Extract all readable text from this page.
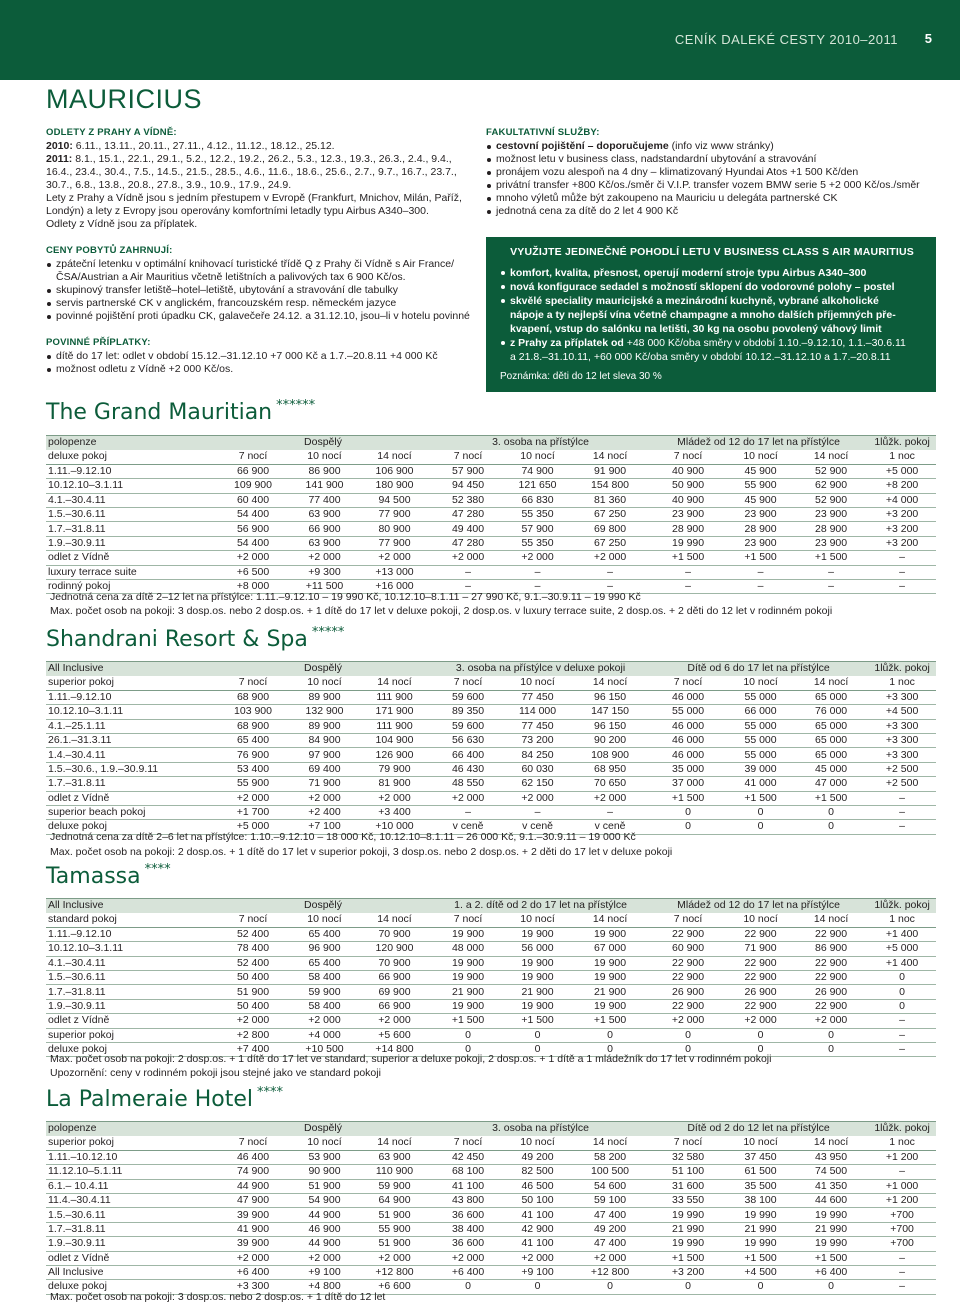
CENÍK DALEKÉ CESTY 2010–2011 5
MAURICIUS
ODLETY Z PRAHY A VÍDNĚ:
2010: 6.11., 13.11., 20.11., 27.11., 4.12., 11.12., 18.12., 25.12.
2011: 8.1., 15.1., 22.1., 29.1., 5.2., 12.2., 19.2., 26.2., 5.3., 12.3., 19.3., 26.3., 2.4., 9.4.,
16.4., 23.4., 30.4., 7.5., 14.5., 21.5., 28.5., 4.6., 11.6., 18.6., 25.6., 2.7., 9.7., 16.7., 23.7.,
30.7., 6.8., 13.8., 20.8., 27.8., 3.9., 10.9., 17.9., 24.9.
Lety z Prahy a Vídně jsou s jedním přestupem v Evropě (Frankfurt, Mnichov, Milán, Paříž,
Londýn) a lety z Evropy jsou operovány komfortními letadly typu Airbus A340–300.
Odlety z Vídně jsou za příplatek.
CENY POBYTŮ ZAHRNUJÍ:
zpáteční letenku v optimální knihovací turistické třídě Q z Prahy či Vídně s Air France/
ČSA/Austrian a Air Mauritius včetně letištních a palivových tax 6 900 Kč/os.
skupinový transfer letiště–hotel–letiště, ubytování a stravování dle tabulky
servis partnerské CK v anglickém, francouzském resp. německém jazyce
povinné pojištění proti úpadku CK, galavečeře 24.12. a 31.12.10, jsou–li v hotelu povinné
POVINNÉ PŘÍPLATKY:
dítě do 17 let: odlet v období 15.12.–31.12.10 +7 000 Kč a 1.7.–20.8.11 +4 000 Kč
možnost odletu z Vídně +2 000 Kč/os.
FAKULTATIVNÍ SLUŽBY:
cestovní pojištění – doporučujeme (info viz www stránky)
možnost letu v business class, nadstandardní ubytování a stravování
pronájem vozu alespoň na 4 dny – klimatizovaný Hyundai Atos +1 500 Kč/den
privátní transfer +800 Kč/os./směr či V.I.P. transfer vozem BMW serie 5 +2 000 Kč/os./směr
mnoho výletů může být zakoupeno na Mauriciu u delegáta partnerské CK
jednotná cena za dítě do 2 let 4 900 Kč
VYUŽIJTE JEDINEČNÉ POHODLÍ LETU V BUSINESS CLASS S AIR MAURITIUS
komfort, kvalita, přesnost, operují moderní stroje typu Airbus A340–300
nová konfigurace sedadel s možností sklopení do vodorovné polohy – postel
skvělé speciality mauricijské a mezinárodní kuchyně, vybrané alkoholické
nápoje a ty nejlepší vína včetně champagne a mnoho dalších příjemných pře-
kvapení, vstup do salónku na letišti, 30 kg na osobu povolený váhový limit
z Prahy za příplatek od +48 000 Kč/oba směry v období 1.10.–9.12.10, 1.1.–30.6.11
a 21.8.–31.10.11, +60 000 Kč/oba směry v období 10.12.–31.12.10 a 1.7.–20.8.11
Poznámka: děti do 12 let sleva 30 %
The Grand Mauritian ******
polopenze	Dospělý			3. osoba na přístýlce			Mládež od 12 do 17 let na přístýlce			1lůžk. pokoj
deluxe pokoj	7 nocí	10 nocí	14 nocí	7 nocí	10 nocí	14 nocí	7 nocí	10 nocí	14 nocí	1 noc
1.11.–9.12.10	66 900	86 900	106 900	57 900	74 900	91 900	40 900	45 900	52 900	+5 000
10.12.10–3.1.11	109 900	141 900	180 900	94 450	121 650	154 800	50 900	55 900	62 900	+8 200
4.1.–30.4.11	60 400	77 400	94 500	52 380	66 830	81 360	40 900	45 900	52 900	+4 000
1.5.–30.6.11	54 400	63 900	77 900	47 280	55 350	67 250	23 900	23 900	23 900	+3 200
1.7.–31.8.11	56 900	66 900	80 900	49 400	57 900	69 800	28 900	28 900	28 900	+3 200
1.9.–30.9.11	54 400	63 900	77 900	47 280	55 350	67 250	19 990	23 900	23 900	+3 200
odlet z Vídně	+2 000	+2 000	+2 000	+2 000	+2 000	+2 000	+1 500	+1 500	+1 500	–
luxury terrace suite	+6 500	+9 300	+13 000	–	–	–	–	–	–	–
rodinný pokoj	+8 000	+11 500	+16 000	–	–	–	–	–	–	–
Jednotná cena za dítě 2–12 let na přístýlce: 1.11.–9.12.10 – 19 990 Kč, 10.12.10–8.1.11 – 27 990 Kč, 9.1.–30.9.11 – 19 990 Kč
Max. počet osob na pokoji: 3 dosp.os. nebo 2 dosp.os. + 1 dítě do 17 let v deluxe pokoji, 2 dosp.os. v luxury terrace suite, 2 dosp.os. + 2 děti do 12 let v rodinném pokoji
Shandrani Resort & Spa *****
All Inclusive	Dospělý			3. osoba na přístýlce v deluxe pokoji			Dítě od 6 do 17 let na přístýlce			1lůžk. pokoj
superior pokoj	7 nocí	10 nocí	14 nocí	7 nocí	10 nocí	14 nocí	7 nocí	10 nocí	14 nocí	1 noc
1.11.–9.12.10	68 900	89 900	111 900	59 600	77 450	96 150	46 000	55 000	65 000	+3 300
10.12.10–3.1.11	103 900	132 900	171 900	89 350	114 000	147 150	55 000	66 000	76 000	+4 500
4.1.–25.1.11	68 900	89 900	111 900	59 600	77 450	96 150	46 000	55 000	65 000	+3 300
26.1.–31.3.11	65 400	84 900	104 900	56 630	73 200	90 200	46 000	55 000	65 000	+3 300
1.4.–30.4.11	76 900	97 900	126 900	66 400	84 250	108 900	46 000	55 000	65 000	+3 300
1.5.–30.6., 1.9.–30.9.11	53 400	69 400	79 900	46 430	60 030	68 950	35 000	39 000	45 000	+2 500
1.7.–31.8.11	55 900	71 900	81 900	48 550	62 150	70 650	37 000	41 000	47 000	+2 500
odlet z Vídně	+2 000	+2 000	+2 000	+2 000	+2 000	+2 000	+1 500	+1 500	+1 500	–
superior beach pokoj	+1 700	+2 400	+3 400	–	–	–	0	0	0	–
deluxe pokoj	+5 000	+7 100	+10 000	v ceně	v ceně	v ceně	0	0	0	–
Jednotná cena za dítě 2–6 let na přístýlce: 1.10.–9.12.10 – 18 000 Kč, 10.12.10–8.1.11 – 26 000 Kč, 9.1.–30.9.11 – 19 000 Kč
Max. počet osob na pokoji: 2 dosp.os. + 1 dítě do 17 let v superior pokoji, 3 dosp.os. nebo 2 dosp.os. + 2 děti do 17 let v deluxe pokoji
Tamassa ****
All Inclusive	Dospělý			1. a 2. dítě od 2 do 17 let na přístýlce			Mládež od 12 do 17 let na přístýlce			1lůžk. pokoj
standard pokoj	7 nocí	10 nocí	14 nocí	7 nocí	10 nocí	14 nocí	7 nocí	10 nocí	14 nocí	1 noc
1.11.–9.12.10	52 400	65 400	70 900	19 900	19 900	19 900	22 900	22 900	22 900	+1 400
10.12.10–3.1.11	78 400	96 900	120 900	48 000	56 000	67 000	60 900	71 900	86 900	+5 000
4.1.–30.4.11	52 400	65 400	70 900	19 900	19 900	19 900	22 900	22 900	22 900	+1 400
1.5.–30.6.11	50 400	58 400	66 900	19 900	19 900	19 900	22 900	22 900	22 900	0
1.7.–31.8.11	51 900	59 900	69 900	21 900	21 900	21 900	26 900	26 900	26 900	0
1.9.–30.9.11	50 400	58 400	66 900	19 900	19 900	19 900	22 900	22 900	22 900	0
odlet z Vídně	+2 000	+2 000	+2 000	+1 500	+1 500	+1 500	+2 000	+2 000	+2 000	–
superior pokoj	+2 800	+4 000	+5 600	0	0	0	0	0	0	–
deluxe pokoj	+7 400	+10 500	+14 800	0	0	0	0	0	0	–
Max. počet osob na pokoji: 2 dosp.os. + 1 dítě do 17 let ve standard, superior a deluxe pokoji, 2 dosp.os. + 1 dítě a 1 mládežník do 17 let v rodinném pokoji
Upozornění: ceny v rodinném pokoji jsou stejné jako ve standard pokoji
La Palmeraie Hotel ****
polopenze	Dospělý			3. osoba na přístýlce			Dítě od 2 do 12 let na přístýlce			1lůžk. pokoj
superior pokoj	7 nocí	10 nocí	14 nocí	7 nocí	10 nocí	14 nocí	7 nocí	10 nocí	14 nocí	1 noc
1.11.–10.12.10	46 400	53 900	63 900	42 450	49 200	58 200	32 580	37 450	43 950	+1 200
11.12.10–5.1.11	74 900	90 900	110 900	68 100	82 500	100 500	51 100	61 500	74 500	–
6.1.– 10.4.11	44 900	51 900	59 900	41 100	46 500	54 600	31 600	35 500	41 350	+1 000
11.4.–30.4.11	47 900	54 900	64 900	43 800	50 100	59 100	33 550	38 100	44 600	+1 200
1.5.–30.6.11	39 900	44 900	51 900	36 600	41 100	47 400	19 990	19 990	19 990	+700
1.7.–31.8.11	41 900	46 900	55 900	38 400	42 900	49 200	21 990	21 990	21 990	+700
1.9.–30.9.11	39 900	44 900	51 900	36 600	41 100	47 400	19 990	19 990	19 990	+700
odlet z Vídně	+2 000	+2 000	+2 000	+2 000	+2 000	+2 000	+1 500	+1 500	+1 500	–
All Inclusive	+6 400	+9 100	+12 800	+6 400	+9 100	+12 800	+3 200	+4 500	+6 400	–
deluxe pokoj	+3 300	+4 800	+6 600	0	0	0	0	0	0	–
Max. počet osob na pokoji: 3 dosp.os. nebo 2 dosp.os. + 1 dítě do 12 let
